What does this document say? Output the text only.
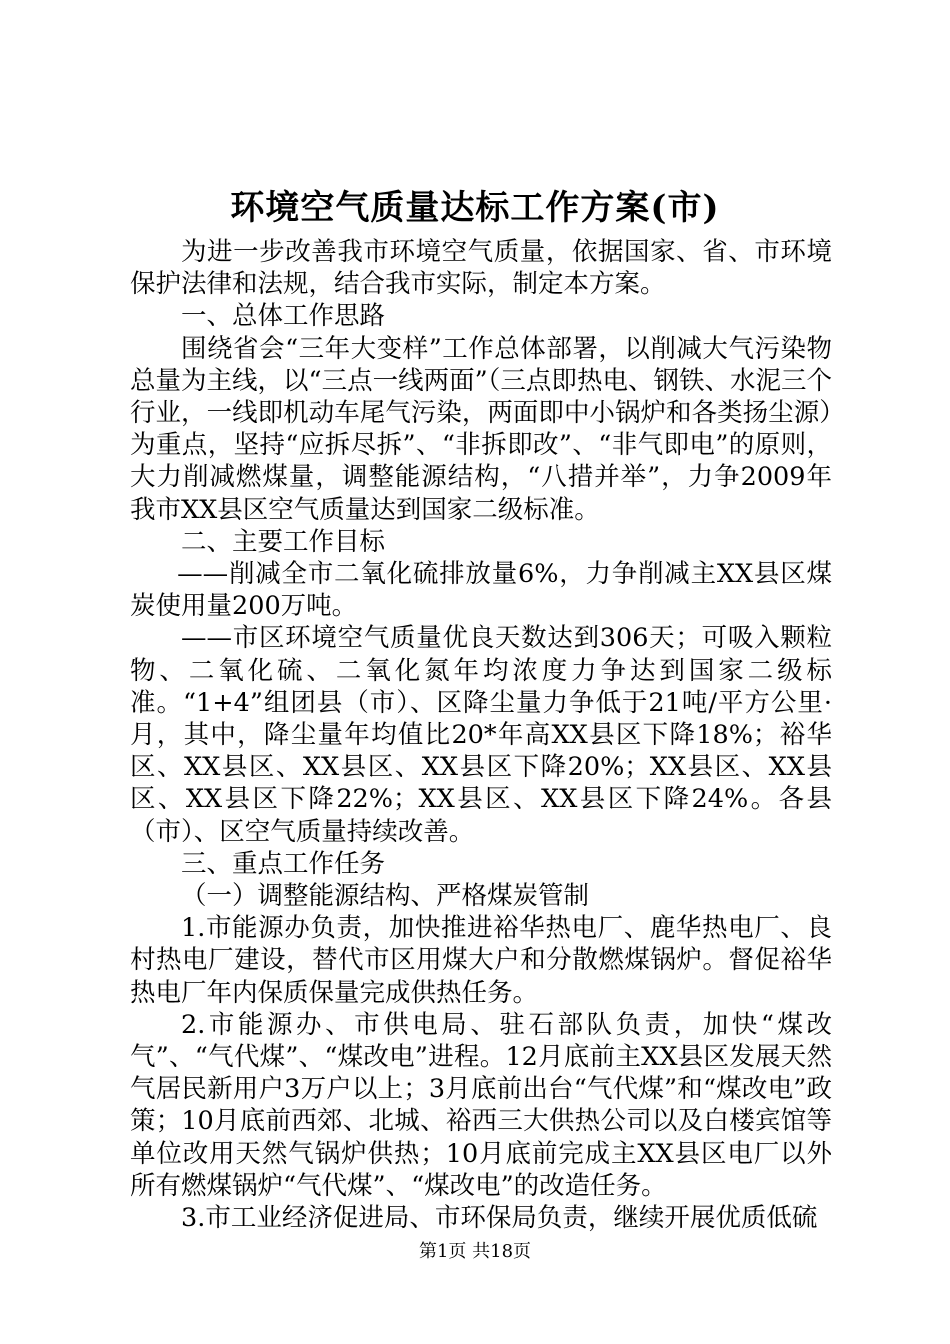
环境空气质量达标工作方案(市)

为进一步改善我市环境空气质量，依据国家、省、市环境保护法律和法规，结合我市实际，制定本方案。

一、总体工作思路

围绕省会“三年大变样”工作总体部署，以削减大气污染物总量为主线，以“三点一线两面”（三点即热电、钢铁、水泥三个行业，一线即机动车尾气污染，两面即中小锅炉和各类扬尘源）为重点，坚持“应拆尽拆”、“非拆即改”、“非气即电”的原则，大力削减燃煤量，调整能源结构，“八措并举”，力争2009年我市XX县区空气质量达到国家二级标准。

二、主要工作目标

——削减全市二氧化硫排放量6%，力争削减主XX县区煤炭使用量200万吨。

——市区环境空气质量优良天数达到306天；可吸入颗粒物、二氧化硫、二氧化氮年均浓度力争达到国家二级标准。“1+4”组团县（市）、区降尘量力争低于21吨/平方公里·月，其中，降尘量年均值比20*年高XX县区下降18%；裕华区、XX县区、XX县区、XX县区下降20%；XX县区、XX县区、XX县区下降22%；XX县区、XX县区下降24%。各县（市）、区空气质量持续改善。

三、重点工作任务

（一）调整能源结构、严格煤炭管制

1.市能源办负责，加快推进裕华热电厂、鹿华热电厂、良村热电厂建设，替代市区用煤大户和分散燃煤锅炉。督促裕华热电厂年内保质保量完成供热任务。

2.市能源办、市供电局、驻石部队负责，加快“煤改气”、“气代煤”、“煤改电”进程。12月底前主XX县区发展天然气居民新用户3万户以上；3月底前出台“气代煤”和“煤改电”政策；10月底前西郊、北城、裕西三大供热公司以及白楼宾馆等单位改用天然气锅炉供热；10月底前完成主XX县区电厂以外所有燃煤锅炉“气代煤”、“煤改电”的改造任务。

3.市工业经济促进局、市环保局负责，继续开展优质低硫

第1页 共18页
